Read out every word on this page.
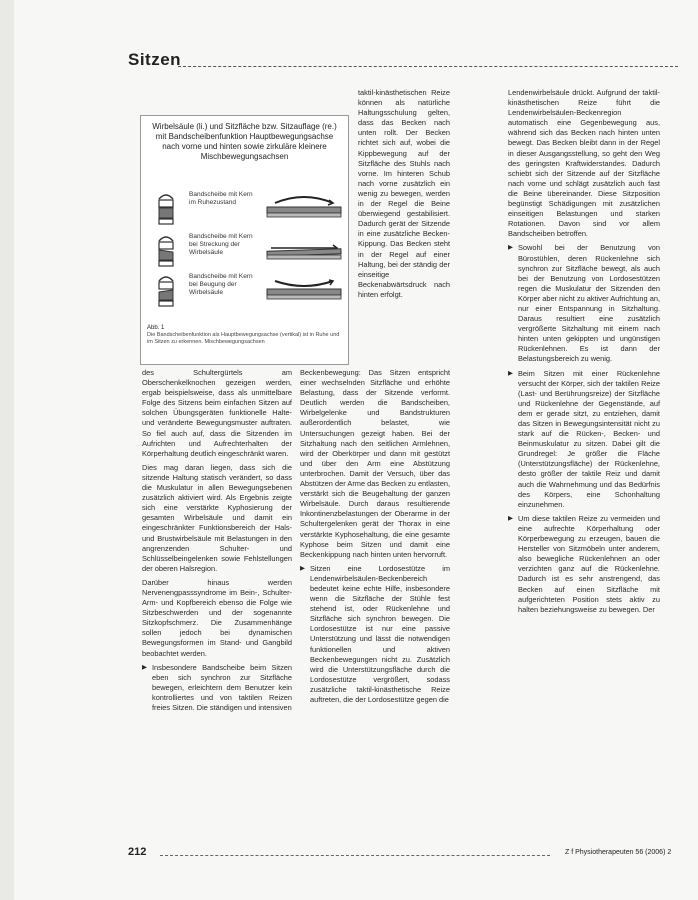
Sitzen
Wirbelsäule (li.) und Sitzfläche bzw. Sitzauflage (re.) mit Bandscheibenfunktion Hauptbewegungsachse nach vorne und hinten sowie zirkuläre kleinere Mischbewegungsachsen
Bandscheibe mit Kern im Ruhezustand
Bandscheibe mit Kern bei Streckung der Wirbelsäule
Bandscheibe mit Kern bei Beugung der Wirbelsäule
Abb. 1
Die Bandscheibenfunktion als Hauptbewegungsachse (vertikal) ist in Ruhe und im Sitzen zu erkennen. Mischbewegungsachsen

des Schultergürtels am Oberschenkelknochen gezeigen werden, ergab beispielsweise, dass als unmittelbare Folge des Sitzens beim einfachen Sitzen auf solchen Übungsgeräten funktionelle Halte- und veränderte Bewegungsmuster auftraten. So fiel auch auf, dass die Sitzenden im Aufrichten und Aufrechterhalten der Körperhaltung deutlich eingeschränkt waren.

Dies mag daran liegen, dass sich die sitzende Haltung statisch verändert, so dass die Muskulatur in allen Bewegungsebenen zusätzlich aktiviert wird. Als Ergebnis zeigte sich eine verstärkte Kyphosierung der gesamten Wirbelsäule und damit ein eingeschränkter Funktionsbereich der Hals- und Brustwirbelsäule mit Belastungen in den angrenzenden Schulter- und Schlüsselbeingelenken sowie Fehlstellungen der oberen Halsregion.

Darüber hinaus werden Nervenengpasssyndrome im Bein-, Schulter-Arm- und Kopfbereich ebenso die Folge wie Sitzbeschwerden und der sogenannte Sitzkopfschmerz. Die Zusammenhänge sollen jedoch bei dynamischen Bewegungsformen im Stand- und Gangbild beobachtet werden.

▶ Insbesondere Bandscheibe beim Sitzen eben sich synchron zur Sitzfläche bewegen, erleichtern dem Benutzer kein kontrolliertes und von taktilen Reizen freies Sitzen. Die ständigen und intensiven

taktil-kinästhetischen Reize können als natürliche Haltungsschulung gelten, dass das Becken nach unten rollt. Der Becken richtet sich auf, wobei die Kippbewegung auf der Sitzfläche des Stuhls nach vorne. Im hinteren Schub nach vorne zusätzlich ein wenig zu bewegen, werden in der Regel die Beine überwiegend gestabilisiert. Dadurch gerät der Sitzende in eine zusätzliche Becken-Kippung. Das Becken steht in der Regel auf einer Haltung, bei der ständig der einseitige Beckenabwärtsdruck nach hinten erfolgt.

Beckenbewegung: Das Sitzen entspricht einer wechselnden Sitzfläche und erhöhte Belastung, dass der Sitzende verformt. Deutlich werden die Bandscheiben, Wirbelgelenke und Bandstrukturen außerordentlich belastet, wie Untersuchungen gezeigt haben. Bei der Sitzhaltung nach den seitlichen Armlehnen, wird der Oberkörper und dann mit gestützt und über den Arm eine Abstützung unterbrochen. Damit der Versuch, über das Abstützen der Arme das Becken zu entlasten, verstärkt sich die Beugehaltung der ganzen Wirbelsäule. Durch daraus resultierende Inkontinenzbelastungen der Oberarme in der Schultergelenken gerät der Thorax in eine verstärkte Kyphosehaltung, die eine gesamte Kyphose beim Sitzen und damit eine Beckenkippung nach hinten unten hervorruft.

▶ Sitzen eine Lordosestütze im Lendenwirbelsäulen-Beckenbereich bedeutet keine echte Hilfe, insbesondere wenn die Sitzfläche der Stühle fest stehend ist, oder Rückenlehne und Sitzfläche sich synchron bewegen. Die Lordosestütze ist nur eine passive Unterstützung und lässt die notwendigen funktionellen und aktiven Beckenbewegungen nicht zu. Zusätzlich wird die Unterstützungsfläche durch die Lordosestütze vergrößert, sodass zusätzliche taktil-kinästhetische Reize auftreten, die der Lordosestütze gegen die

Lendenwirbelsäule drückt. Aufgrund der taktil-kinästhetischen Reize führt die Lendenwirbelsäulen-Beckenregion automatisch eine Gegenbewegung aus, während sich das Becken nach hinten unten bewegt. Das Becken bleibt dann in der Regel in dieser Ausgangsstellung, so geht den Weg des geringsten Kraftwiderstandes. Dadurch schiebt sich der Sitzende auf der Sitzfläche nach vorne und schlägt zusätzlich auch fast die Beine übereinander. Diese Sitzposition begünstigt Schädigungen mit zusätzlichen einseitigen Belastungen und starken Rotationen. Davon sind vor allem Bandscheiben betroffen.

▶ Sowohl bei der Benutzung von Bürostühlen, deren Rückenlehne sich synchron zur Sitzfläche bewegt, als auch bei der Benutzung von Lordosestützen regen die Muskulatur der Sitzenden den Körper aber nicht zu aktiver Aufrichtung an, nur einer Entspannung in Sitzhaltung. Daraus resultiert eine zusätzlich vergrößerte Sitzhaltung mit einem nach hinten unten gekippten und ungünstigen Rückenlehnen. Es ist dann der Belastungsbereich zu wenig.

▶ Beim Sitzen mit einer Rückenlehne versucht der Körper, sich der taktilen Reize (Last- und Berührungsreize) der Sitzfläche und Rückenlehne der Gegenstände, auf dem er gerade sitzt, zu entziehen, damit das Sitzen in Bewegungsintensität nicht zu stark auf die Rücken-, Becken- und Beinmuskulatur zu sitzen. Dabei gilt die Grundregel: Je größer die Fläche (Unterstützungsfläche) der Rückenlehne, desto größer der taktile Reiz und damit auch die Wahrnehmung und das Bedürfnis des Körpers, eine Schonhaltung einzunehmen.

▶ Um diese taktilen Reize zu vermeiden und eine aufrechte Körperhaltung oder Körperbewegung zu erzeugen, bauen die Hersteller von Sitzmöbeln unter anderem, also bewegliche Rückenlehnen an oder verzichten ganz auf die Rückenlehne. Dadurch ist es sehr anstrengend, das Becken auf einen Sitzfläche mit aufgerichteten Position stets aktiv zu halten beziehungsweise zu bewegen. Der

212	Z f Physiotherapeuten 56 (2006) 2
